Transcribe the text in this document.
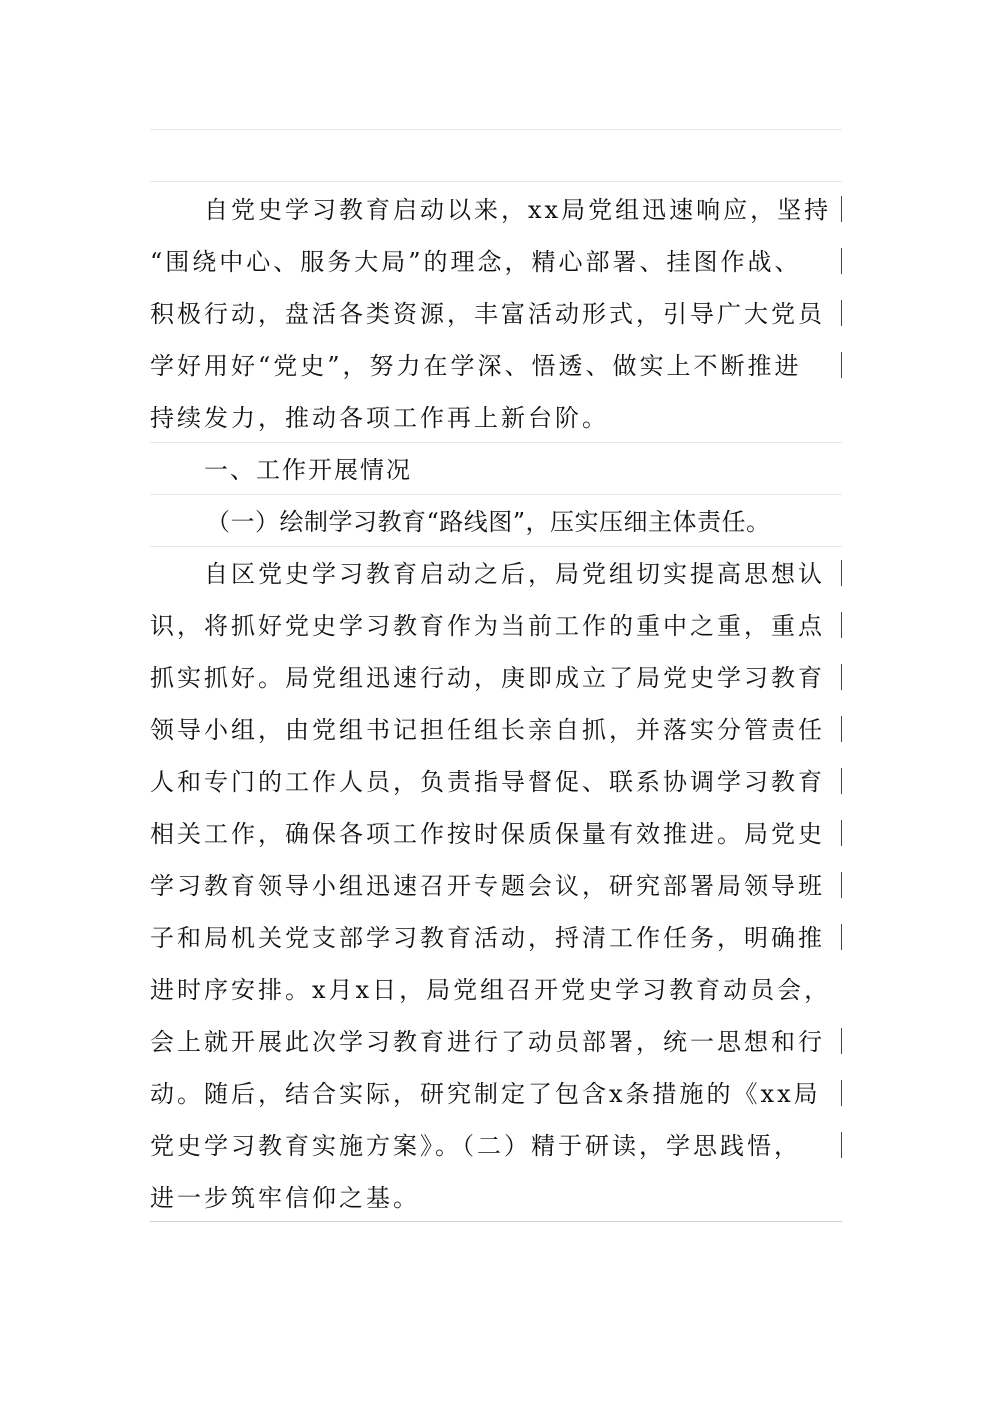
自党史学习教育启动以来，xx局党组迅速响应，坚持
“围绕中心、服务大局”的理念，精心部署、挂图作战、
积极行动，盘活各类资源，丰富活动形式，引导广大党员
学好用好“党史”，努力在学深、悟透、做实上不断推进
持续发力，推动各项工作再上新台阶。
一、工作开展情况
（一）绘制学习教育“路线图”，压实压细主体责任。
自区党史学习教育启动之后，局党组切实提高思想认
识，将抓好党史学习教育作为当前工作的重中之重，重点
抓实抓好。局党组迅速行动，庚即成立了局党史学习教育
领导小组，由党组书记担任组长亲自抓，并落实分管责任
人和专门的工作人员，负责指导督促、联系协调学习教育
相关工作，确保各项工作按时保质保量有效推进。局党史
学习教育领导小组迅速召开专题会议，研究部署局领导班
子和局机关党支部学习教育活动，捋清工作任务，明确推
进时序安排。x月x日，局党组召开党史学习教育动员会，
会上就开展此次学习教育进行了动员部署，统一思想和行
动。随后，结合实际，研究制定了包含x条措施的《xx局
党史学习教育实施方案》。（二）精于研读，学思践悟，
进一步筑牢信仰之基。
